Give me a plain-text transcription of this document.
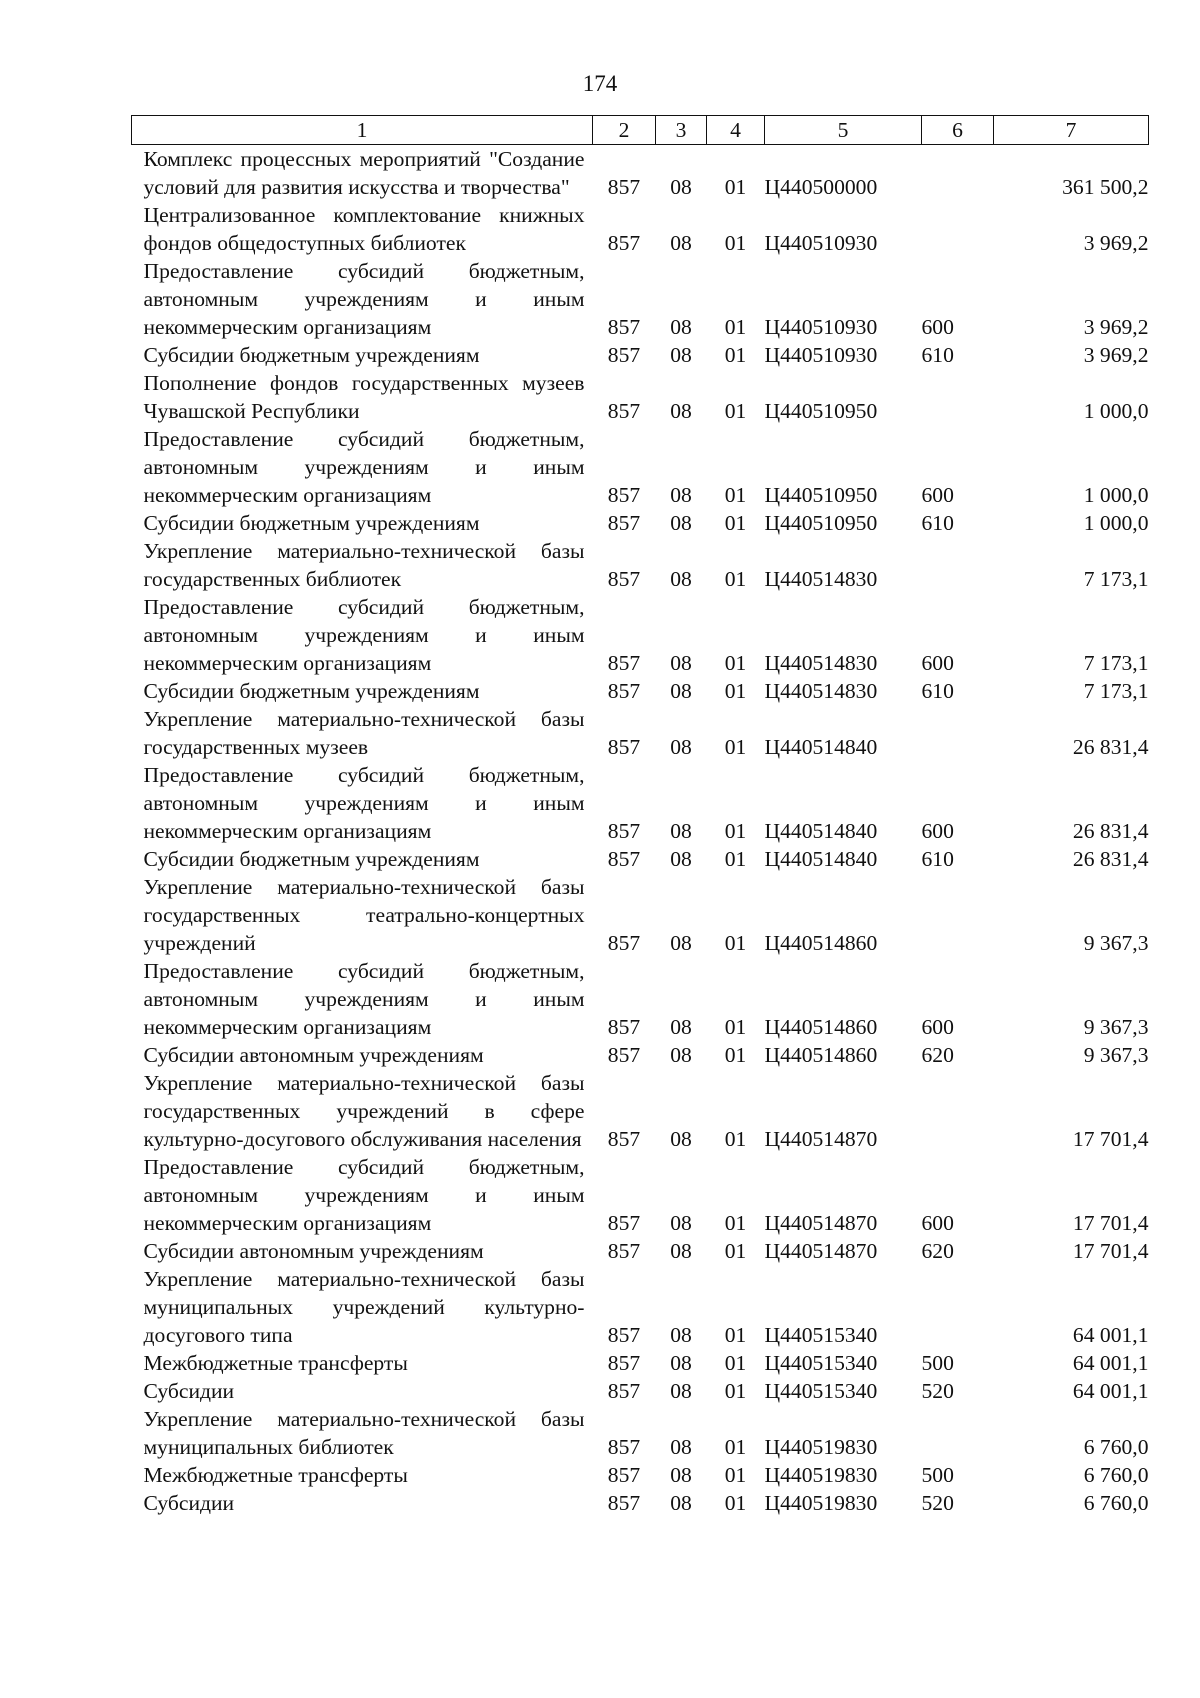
174
1	2	3	4	5	6	7
Комплекс процессных мероприятий "Создание условий для развития искусства и творчества"	857	08	01	Ц440500000		361 500,2
Централизованное комплектование книжных фондов общедоступных библиотек	857	08	01	Ц440510930		3 969,2
Предоставление субсидий бюджетным, автономным учреждениям и иным некоммерческим организациям	857	08	01	Ц440510930	600	3 969,2
Субсидии бюджетным учреждениям	857	08	01	Ц440510930	610	3 969,2
Пополнение фондов государственных музеев Чувашской Республики	857	08	01	Ц440510950		1 000,0
Предоставление субсидий бюджетным, автономным учреждениям и иным некоммерческим организациям	857	08	01	Ц440510950	600	1 000,0
Субсидии бюджетным учреждениям	857	08	01	Ц440510950	610	1 000,0
Укрепление материально-технической базы государственных библиотек	857	08	01	Ц440514830		7 173,1
Предоставление субсидий бюджетным, автономным учреждениям и иным некоммерческим организациям	857	08	01	Ц440514830	600	7 173,1
Субсидии бюджетным учреждениям	857	08	01	Ц440514830	610	7 173,1
Укрепление материально-технической базы государственных музеев	857	08	01	Ц440514840		26 831,4
Предоставление субсидий бюджетным, автономным учреждениям и иным некоммерческим организациям	857	08	01	Ц440514840	600	26 831,4
Субсидии бюджетным учреждениям	857	08	01	Ц440514840	610	26 831,4
Укрепление материально-технической базы государственных театрально-концертных учреждений	857	08	01	Ц440514860		9 367,3
Предоставление субсидий бюджетным, автономным учреждениям и иным некоммерческим организациям	857	08	01	Ц440514860	600	9 367,3
Субсидии автономным учреждениям	857	08	01	Ц440514860	620	9 367,3
Укрепление материально-технической базы государственных учреждений в сфере культурно-досугового обслуживания населения	857	08	01	Ц440514870		17 701,4
Предоставление субсидий бюджетным, автономным учреждениям и иным некоммерческим организациям	857	08	01	Ц440514870	600	17 701,4
Субсидии автономным учреждениям	857	08	01	Ц440514870	620	17 701,4
Укрепление материально-технической базы муниципальных учреждений культурно-досугового типа	857	08	01	Ц440515340		64 001,1
Межбюджетные трансферты	857	08	01	Ц440515340	500	64 001,1
Субсидии	857	08	01	Ц440515340	520	64 001,1
Укрепление материально-технической базы муниципальных библиотек	857	08	01	Ц440519830		6 760,0
Межбюджетные трансферты	857	08	01	Ц440519830	500	6 760,0
Субсидии	857	08	01	Ц440519830	520	6 760,0
